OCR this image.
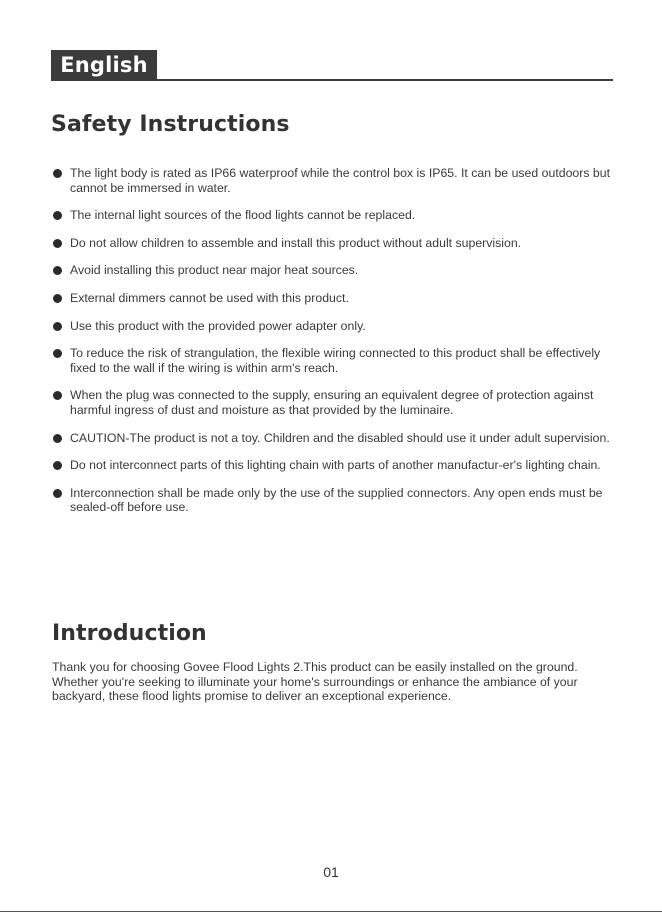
English
Safety Instructions
The light body is rated as IP66 waterproof while the control box is IP65. It can be used outdoors but cannot be immersed in water.
The internal light sources of the flood lights cannot be replaced.
Do not allow children to assemble and install this product without adult supervision.
Avoid installing this product near major heat sources.
External dimmers cannot be used with this product.
Use this product with the provided power adapter only.
To reduce the risk of strangulation, the flexible wiring connected to this product shall be effectively fixed to the wall if the wiring is within arm's reach.
When the plug was connected to the supply, ensuring an equivalent degree of protection against harmful ingress of dust and moisture as that provided by the luminaire.
CAUTION-The product is not a toy. Children and the disabled should use it under adult supervision.
Do not interconnect parts of this lighting chain with parts of another manufactur-er's lighting chain.
Interconnection shall be made only by the use of the supplied connectors. Any open ends must be sealed-off before use.
Introduction

Thank you for choosing Govee Flood Lights 2.This product can be easily installed on the ground. Whether you're seeking to illuminate your home's surroundings or enhance the ambiance of your backyard, these flood lights promise to deliver an exceptional experience.

01
